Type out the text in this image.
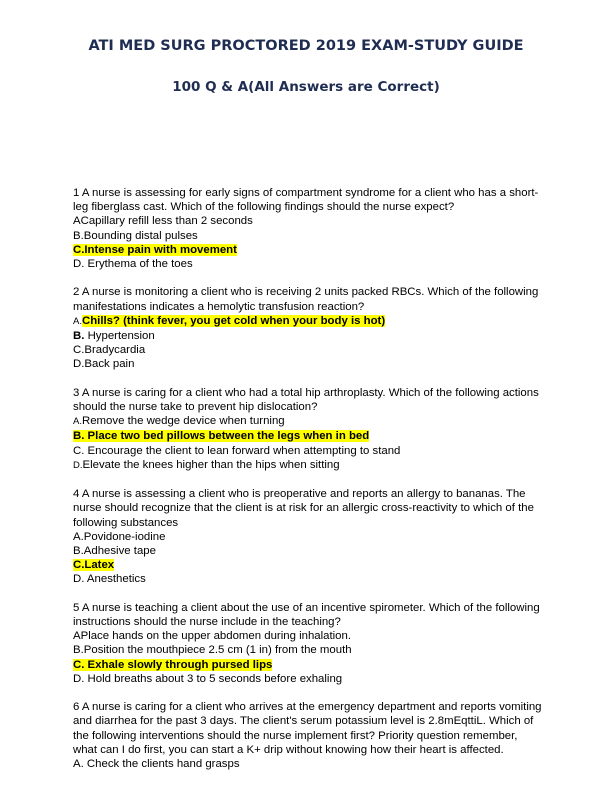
ATI MED SURG PROCTORED 2019 EXAM-STUDY GUIDE
100 Q & A(All Answers are Correct)
1 A nurse is assessing for early signs of compartment syndrome for a client who has a short-leg fiberglass cast. Which of the following findings should the nurse expect?
ACapillary refill less than 2 seconds
B.Bounding distal pulses
C.Intense pain with movement
D. Erythema of the toes
2 A nurse is monitoring a client who is receiving 2 units packed RBCs. Which of the following manifestations indicates a hemolytic transfusion reaction?
A.Chills? (think fever, you get cold when your body is hot)
B. Hypertension
C.Bradycardia
D.Back pain
3 A nurse is caring for a client who had a total hip arthroplasty. Which of the following actions should the nurse take to prevent hip dislocation?
A.Remove the wedge device when turning
B. Place two bed pillows between the legs when in bed
C. Encourage the client to lean forward when attempting to stand
D.Elevate the knees higher than the hips when sitting
4 A nurse is assessing a client who is preoperative and reports an allergy to bananas. The nurse should recognize that the client is at risk for an allergic cross-reactivity to which of the following substances
A.Povidone-iodine
B.Adhesive tape
C.Latex
D. Anesthetics
5 A nurse is teaching a client about the use of an incentive spirometer. Which of the following instructions should the nurse include in the teaching?
APlace hands on the upper abdomen during inhalation.
B.Position the mouthpiece 2.5 cm (1 in) from the mouth
C. Exhale slowly through pursed lips
D. Hold breaths about 3 to 5 seconds before exhaling
6 A nurse is caring for a client who arrives at the emergency department and reports vomiting and diarrhea for the past 3 days. The client's serum potassium level is 2.8mEqttiL. Which of the following interventions should the nurse implement first? Priority question remember, what can I do first, you can start a K+ drip without knowing how their heart is affected.
A. Check the clients hand grasps
